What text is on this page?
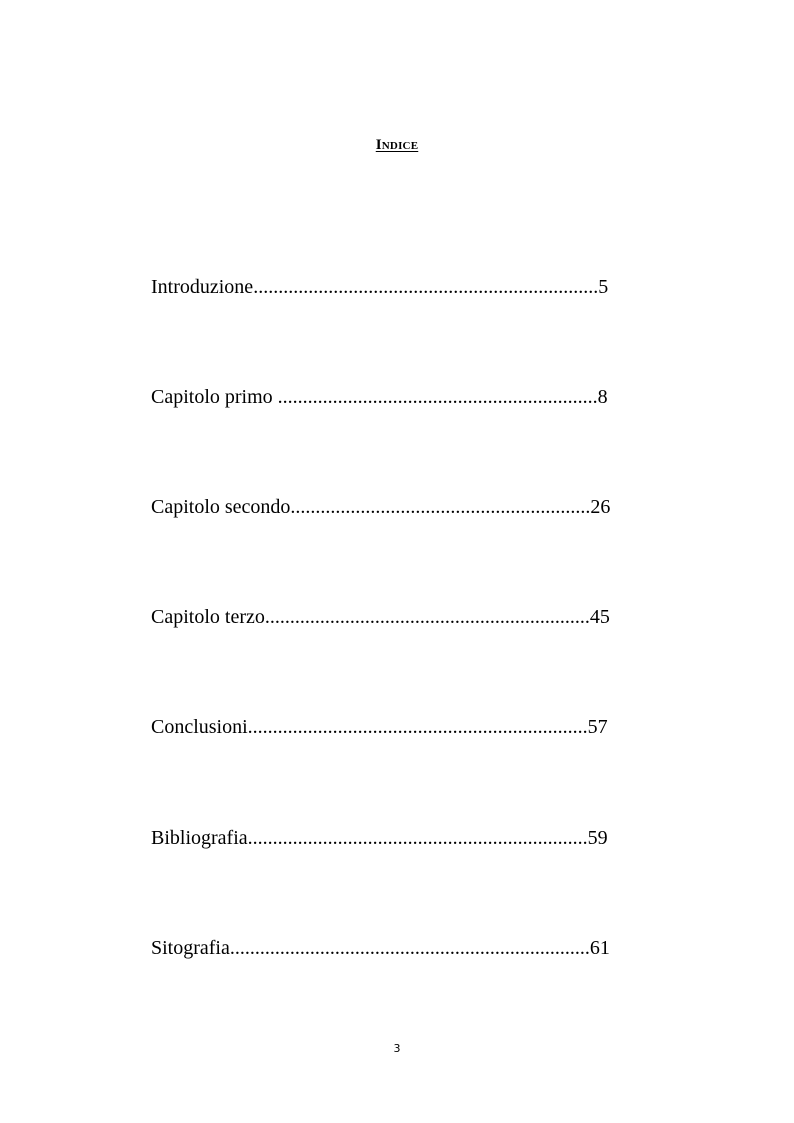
Indice
Introduzione.....................................................................5
Capitolo primo ................................................................8
Capitolo secondo............................................................26
Capitolo terzo.................................................................45
Conclusioni....................................................................57
Bibliografia....................................................................59
Sitografia........................................................................61
3
